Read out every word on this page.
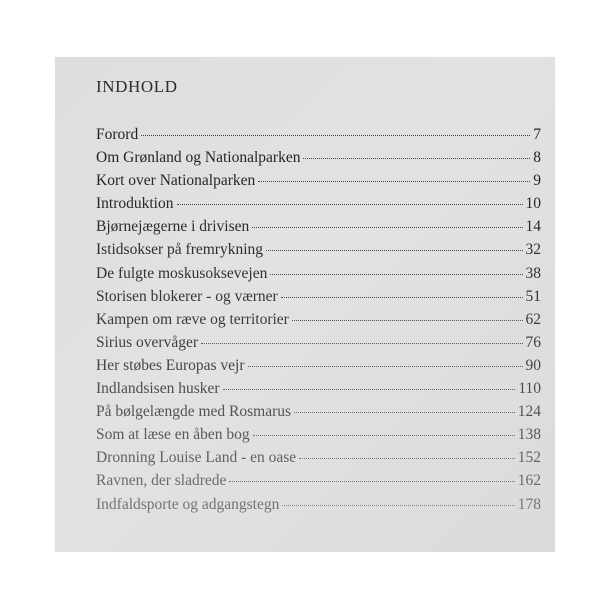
INDHOLD
Forord	7
Om Grønland og Nationalparken	8
Kort over Nationalparken	9
Introduktion	10
Bjørnejægerne i drivisen	14
Istidsokser på fremrykning	32
De fulgte moskusoksevejen	38
Storisen blokerer - og værner	51
Kampen om ræve og territorier	62
Sirius overvåger	76
Her støbes Europas vejr	90
Indlandsisen husker	110
På bølgelængde med Rosmarus	124
Som at læse en åben bog	138
Dronning Louise Land - en oase	152
Ravnen, der sladrede	162
Indfaldsporte og adgangstegn	178
